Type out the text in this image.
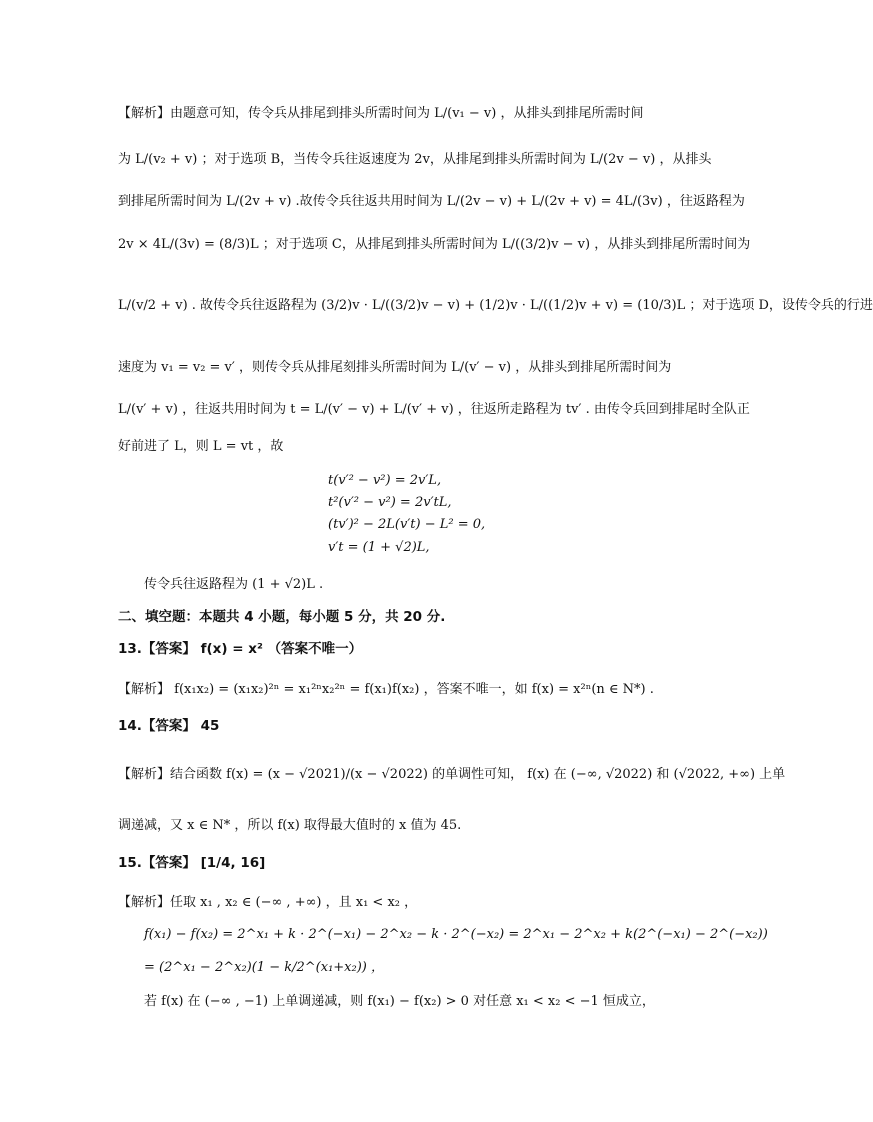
【解析】由题意可知，传令兵从排尾到排头所需时间为 L/(v₁ − v) ，从排头到排尾所需时间
为 L/(v₂ + v) ；对于选项 B，当传令兵往返速度为 2v，从排尾到排头所需时间为 L/(2v − v) ，从排头
到排尾所需时间为 L/(2v + v) .故传令兵往返共用时间为 L/(2v − v) + L/(2v + v) = 4L/(3v) ，往返路程为
2v × 4L/(3v) = (8/3)L ；对于选项 C，从排尾到排头所需时间为 L/((3/2)v − v) ，从排头到排尾所需时间为
L/(v/2 + v) . 故传令兵往返路程为 (3/2)v · L/((3/2)v − v) + (1/2)v · L/((1/2)v + v) = (10/3)L ；对于选项 D，设传令兵的行进
速度为 v₁ = v₂ = v′ ，则传令兵从排尾刻排头所需时间为 L/(v′ − v) ，从排头到排尾所需时间为
L/(v′ + v) ，往返共用时间为 t = L/(v′ − v) + L/(v′ + v) ，往返所走路程为 tv′ . 由传令兵回到排尾时全队正
好前进了 L，则 L = vt ，故
t(v′² − v²) = 2v′L,
t²(v′² − v²) = 2v′tL,
(tv′)² − 2L(v′t) − L² = 0,
v′t = (1 + √2)L,
传令兵往返路程为 (1 + √2)L .
二、填空题：本题共 4 小题，每小题 5 分，共 20 分.
13.【答案】 f(x) = x² （答案不唯一）
【解析】 f(x₁x₂) = (x₁x₂)²ⁿ = x₁²ⁿx₂²ⁿ = f(x₁)f(x₂) ，答案不唯一，如 f(x) = x²ⁿ(n ∈ N*) .
14.【答案】 45
【解析】结合函数 f(x) = (x − √2021)/(x − √2022) 的单调性可知， f(x) 在 (−∞, √2022) 和 (√2022, +∞) 上单
调递减，又 x ∈ N* ，所以 f(x) 取得最大值时的 x 值为 45.
15.【答案】 [1/4, 16]
【解析】任取 x₁ , x₂ ∈ (−∞ , +∞) ，且 x₁ < x₂ ，
f(x₁) − f(x₂) = 2^x₁ + k · 2^(−x₁) − 2^x₂ − k · 2^(−x₂) = 2^x₁ − 2^x₂ + k(2^(−x₁) − 2^(−x₂))
= (2^x₁ − 2^x₂)(1 − k/2^(x₁+x₂)) ，
若 f(x) 在 (−∞ , −1) 上单调递减，则 f(x₁) − f(x₂) > 0 对任意 x₁ < x₂ < −1 恒成立，
